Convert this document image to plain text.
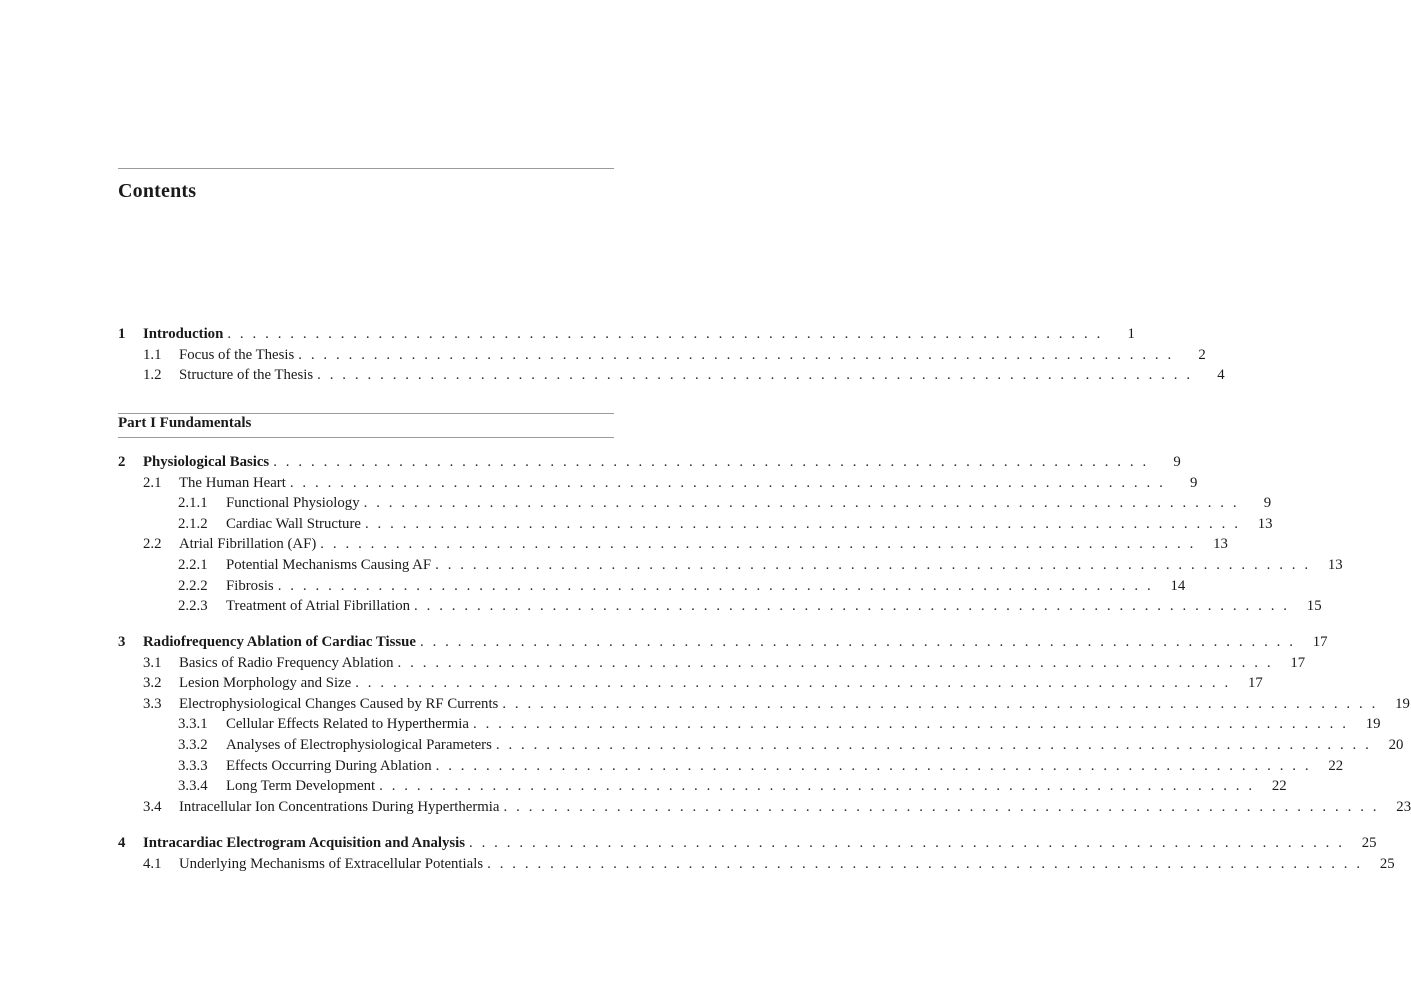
Contents
1	Introduction . . . . . . . . . . . . . . . . . . . . . . . . . . . . . . . . . . . . . . . . . . . . . . . . . . . . . . . . . . . . . . . . . . . . . .	1
1.1	Focus of the Thesis . . . . . . . . . . . . . . . . . . . . . . . . . . . . . . . . . . . . . . . . . . . . . . . . . . . . . . . . . . . . . . . . . . . . . .	2
1.2	Structure of the Thesis . . . . . . . . . . . . . . . . . . . . . . . . . . . . . . . . . . . . . . . . . . . . . . . . . . . . . . . . . . . . . . . . . . . . . .	4
Part I Fundamentals
2	Physiological Basics . . . . . . . . . . . . . . . . . . . . . . . . . . . . . . . . . . . . . . . . . . . . . . . . . . . . . . . . . . . . . . . . . . . . . .	9
2.1	The Human Heart . . . . . . . . . . . . . . . . . . . . . . . . . . . . . . . . . . . . . . . . . . . . . . . . . . . . . . . . . . . . . . . . . . . . . .	9
2.1.1	Functional Physiology . . . . . . . . . . . . . . . . . . . . . . . . . . . . . . . . . . . . . . . . . . . . . . . . . . . . . . . . . . . . . . . . . . . . . .	9
2.1.2	Cardiac Wall Structure . . . . . . . . . . . . . . . . . . . . . . . . . . . . . . . . . . . . . . . . . . . . . . . . . . . . . . . . . . . . . . . . . . . . . .	13
2.2	Atrial Fibrillation (AF) . . . . . . . . . . . . . . . . . . . . . . . . . . . . . . . . . . . . . . . . . . . . . . . . . . . . . . . . . . . . . . . . . . . . . .	13
2.2.1	Potential Mechanisms Causing AF . . . . . . . . . . . . . . . . . . . . . . . . . . . . . . . . . . . . . . . . . . . . . . . . . . . . . . . . . . . . . . . . . . . . . .	13
2.2.2	Fibrosis . . . . . . . . . . . . . . . . . . . . . . . . . . . . . . . . . . . . . . . . . . . . . . . . . . . . . . . . . . . . . . . . . . . . . .	14
2.2.3	Treatment of Atrial Fibrillation . . . . . . . . . . . . . . . . . . . . . . . . . . . . . . . . . . . . . . . . . . . . . . . . . . . . . . . . . . . . . . . . . . . . . .	15
3	Radiofrequency Ablation of Cardiac Tissue . . . . . . . . . . . . . . . . . . . . . . . . . . . . . . . . . . . . . . . . . . . . . . . . . . . . . . . . . . . . . . . . . . . . . .	17
3.1	Basics of Radio Frequency Ablation . . . . . . . . . . . . . . . . . . . . . . . . . . . . . . . . . . . . . . . . . . . . . . . . . . . . . . . . . . . . . . . . . . . . . .	17
3.2	Lesion Morphology and Size . . . . . . . . . . . . . . . . . . . . . . . . . . . . . . . . . . . . . . . . . . . . . . . . . . . . . . . . . . . . . . . . . . . . . .	17
3.3	Electrophysiological Changes Caused by RF Currents . . . . . . . . . . . . . . . . . . . . . . . . . . . . . . . . . . . . . . . . . . . . . . . . . . . . . . . . . . . . . . . . . . . . . .	19
3.3.1	Cellular Effects Related to Hyperthermia . . . . . . . . . . . . . . . . . . . . . . . . . . . . . . . . . . . . . . . . . . . . . . . . . . . . . . . . . . . . . . . . . . . . . .	19
3.3.2	Analyses of Electrophysiological Parameters . . . . . . . . . . . . . . . . . . . . . . . . . . . . . . . . . . . . . . . . . . . . . . . . . . . . . . . . . . . . . . . . . . . . . .	20
3.3.3	Effects Occurring During Ablation . . . . . . . . . . . . . . . . . . . . . . . . . . . . . . . . . . . . . . . . . . . . . . . . . . . . . . . . . . . . . . . . . . . . . .	22
3.3.4	Long Term Development . . . . . . . . . . . . . . . . . . . . . . . . . . . . . . . . . . . . . . . . . . . . . . . . . . . . . . . . . . . . . . . . . . . . . .	22
3.4	Intracellular Ion Concentrations During Hyperthermia . . . . . . . . . . . . . . . . . . . . . . . . . . . . . . . . . . . . . . . . . . . . . . . . . . . . . . . . . . . . . . . . . . . . . .	23
4	Intracardiac Electrogram Acquisition and Analysis . . . . . . . . . . . . . . . . . . . . . . . . . . . . . . . . . . . . . . . . . . . . . . . . . . . . . . . . . . . . . . . . . . . . . .	25
4.1	Underlying Mechanisms of Extracellular Potentials . . . . . . . . . . . . . . . . . . . . . . . . . . . . . . . . . . . . . . . . . . . . . . . . . . . . . . . . . . . . . . . . . . . . . .	25
